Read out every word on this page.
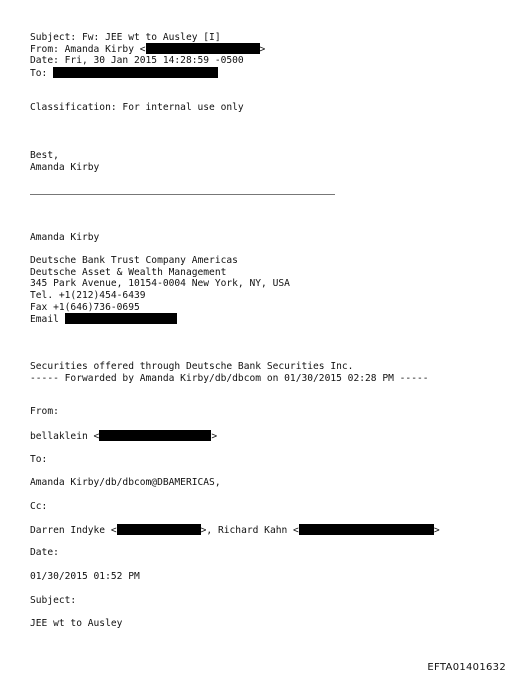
Subject: Fw: JEE wt to Ausley [I]
From: Amanda Kirby <	>
Date: Fri, 30 Jan 2015 14:28:59 -0500
To:
Classification: For internal use only
Best,
Amanda Kirby
Amanda Kirby
Deutsche Bank Trust Company Americas
Deutsche Asset & Wealth Management
345 Park Avenue, 10154-0004 New York, NY, USA
Tel. +1(212)454-6439
Fax +1(646)736-0695
Email
Securities offered through Deutsche Bank Securities Inc.
----- Forwarded by Amanda Kirby/db/dbcom on 01/30/2015 02:28 PM -----
From:
bellaklein <	>
To:
Amanda Kirby/db/dbcom@DBAMERICAS,
Cc:
Darren Indyke <	>, Richard Kahn <	>
Date:
01/30/2015 01:52 PM
Subject:
JEE wt to Ausley
EFTA01401632
